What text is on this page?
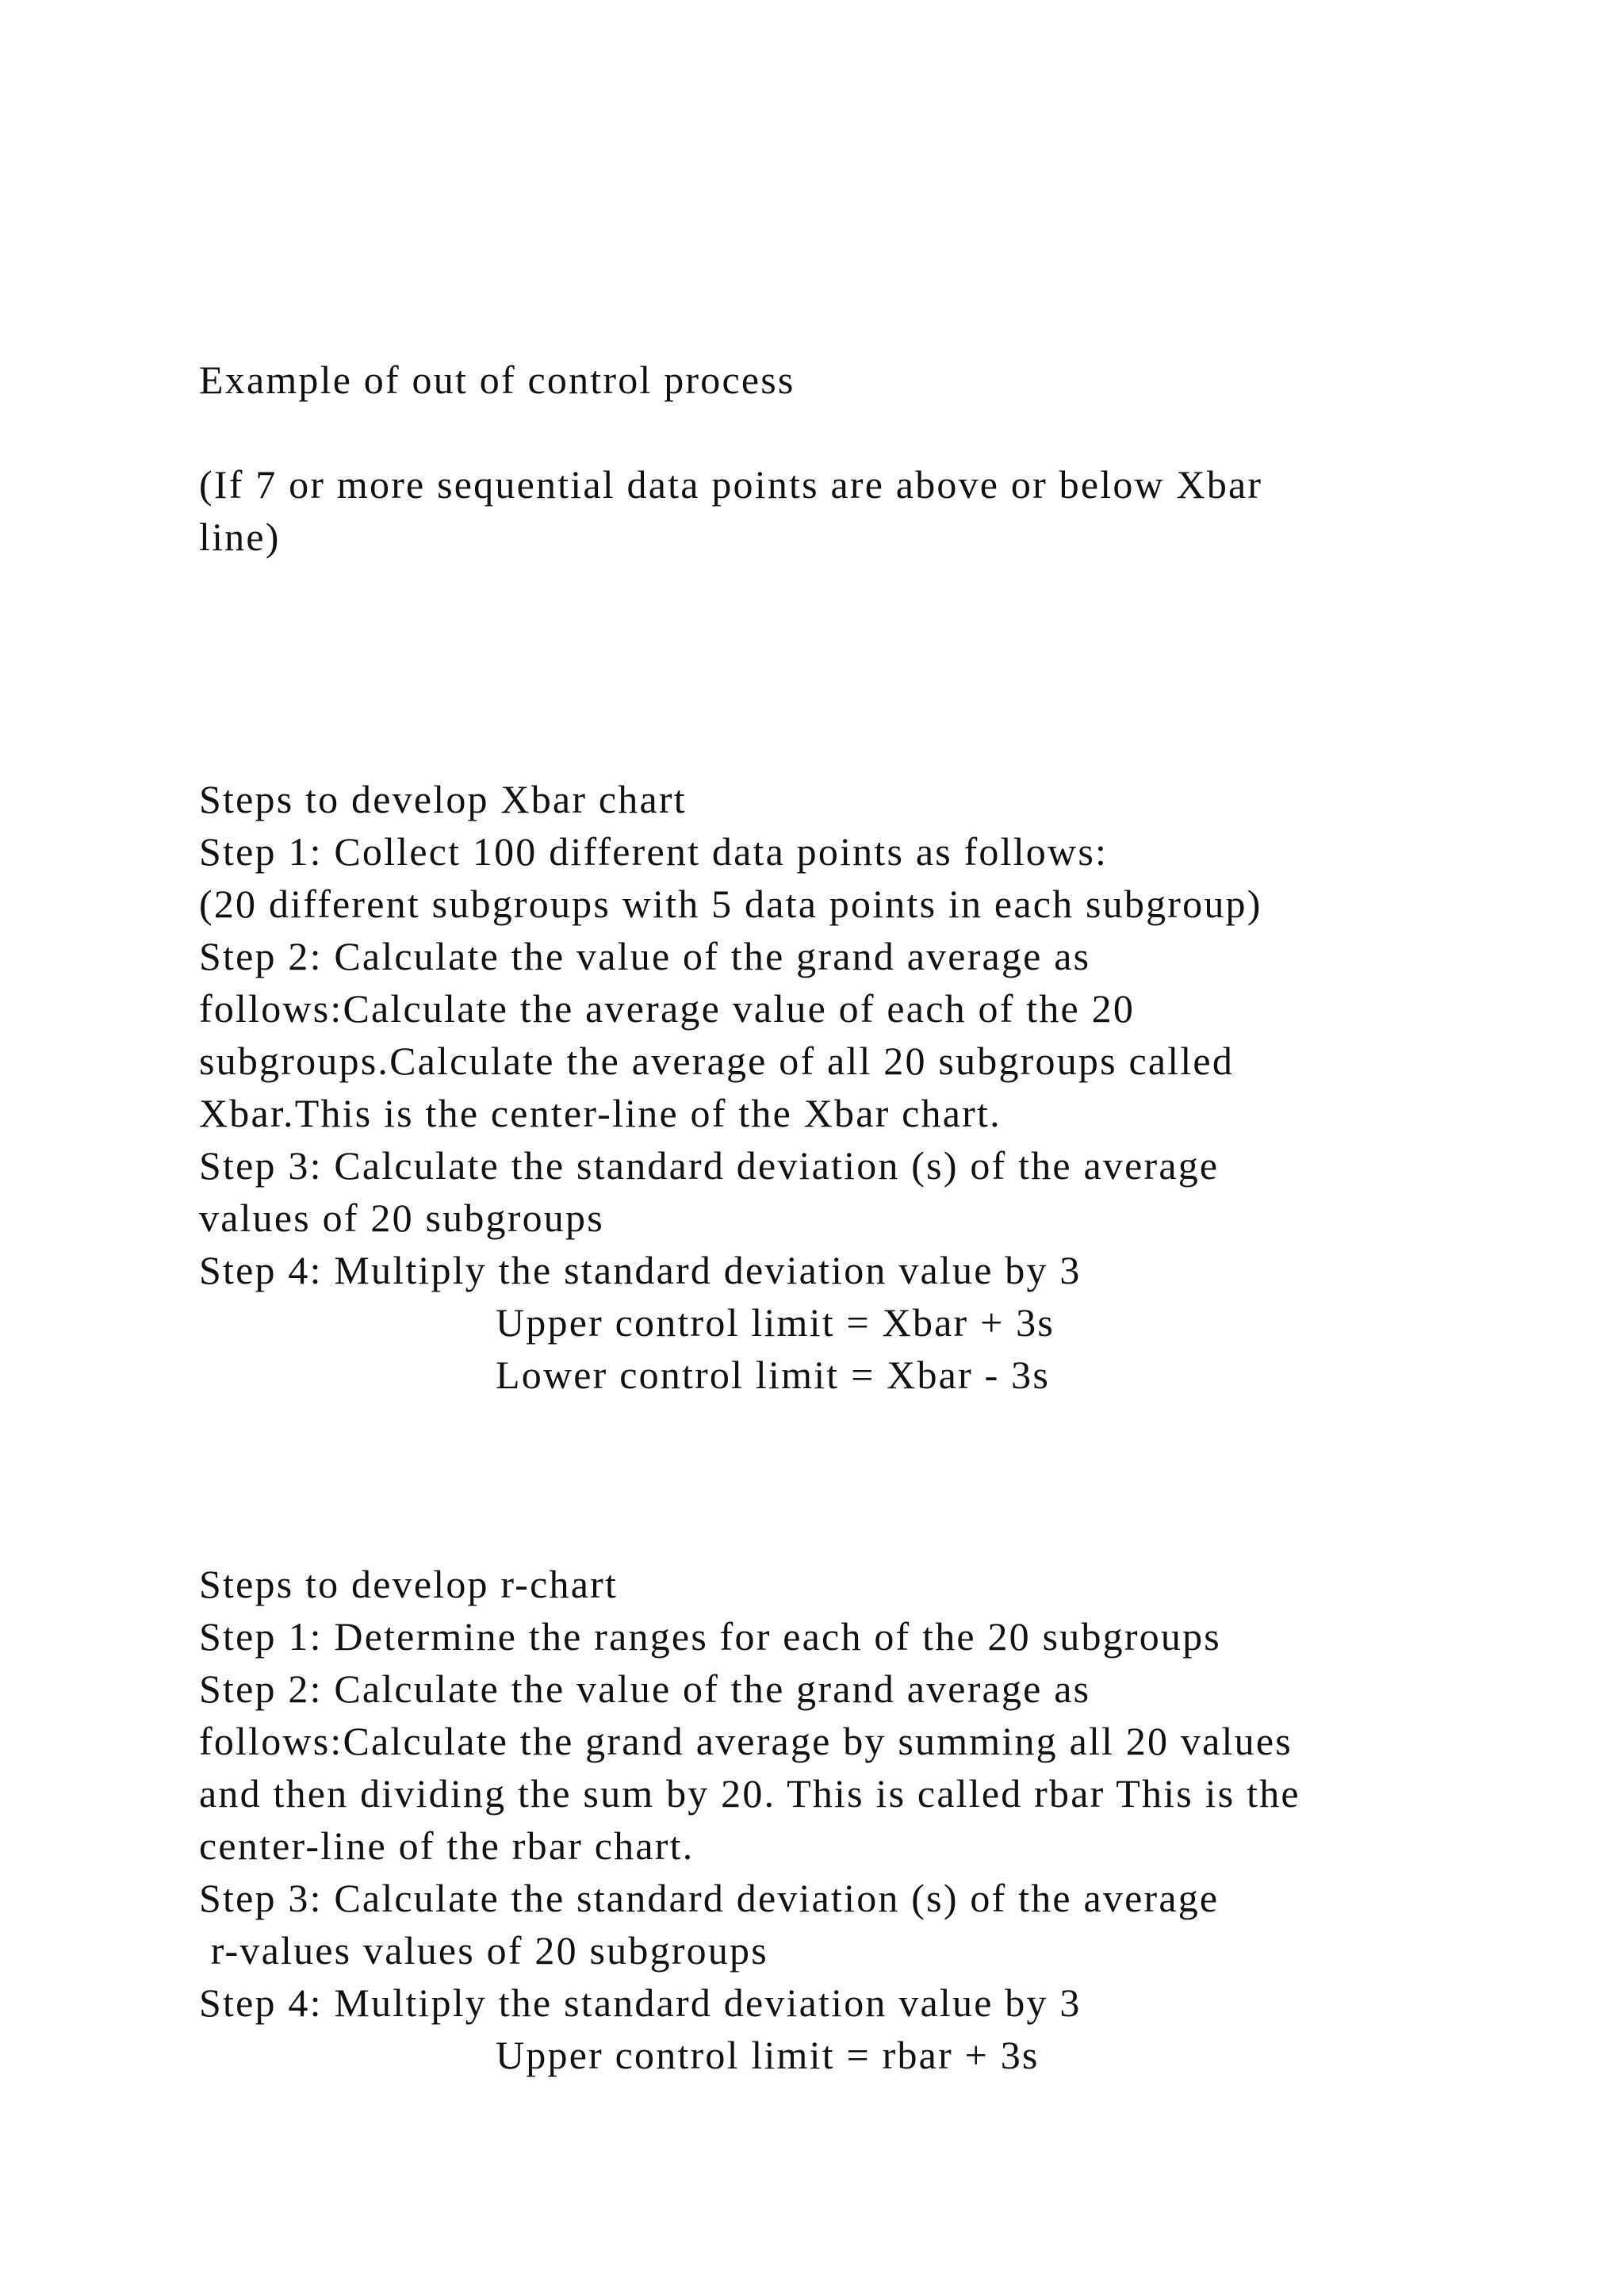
Example of out of control process

(If 7 or more sequential data points are above or below Xbar

line)

Steps to develop Xbar chart

Step 1: Collect 100 different data points as follows:

(20 different subgroups with 5 data points in each subgroup)

Step 2: Calculate the value of the grand average as

follows:Calculate the average value of each of the 20

subgroups.Calculate the average of all 20 subgroups called

Xbar.This is the center-line of the Xbar chart.

Step 3: Calculate the standard deviation (s) of the average

values of 20 subgroups

Step 4: Multiply the standard deviation value by 3

Upper control limit = Xbar + 3s

Lower control limit = Xbar - 3s

Steps to develop r-chart

Step 1: Determine the ranges for each of the 20 subgroups

Step 2: Calculate the value of the grand average as

follows:Calculate the grand average by summing all 20 values

and then dividing the sum by 20. This is called rbar This is the

center-line of the rbar chart.

Step 3: Calculate the standard deviation (s) of the average

r-values values of 20 subgroups

Step 4: Multiply the standard deviation value by 3

Upper control limit = rbar + 3s
